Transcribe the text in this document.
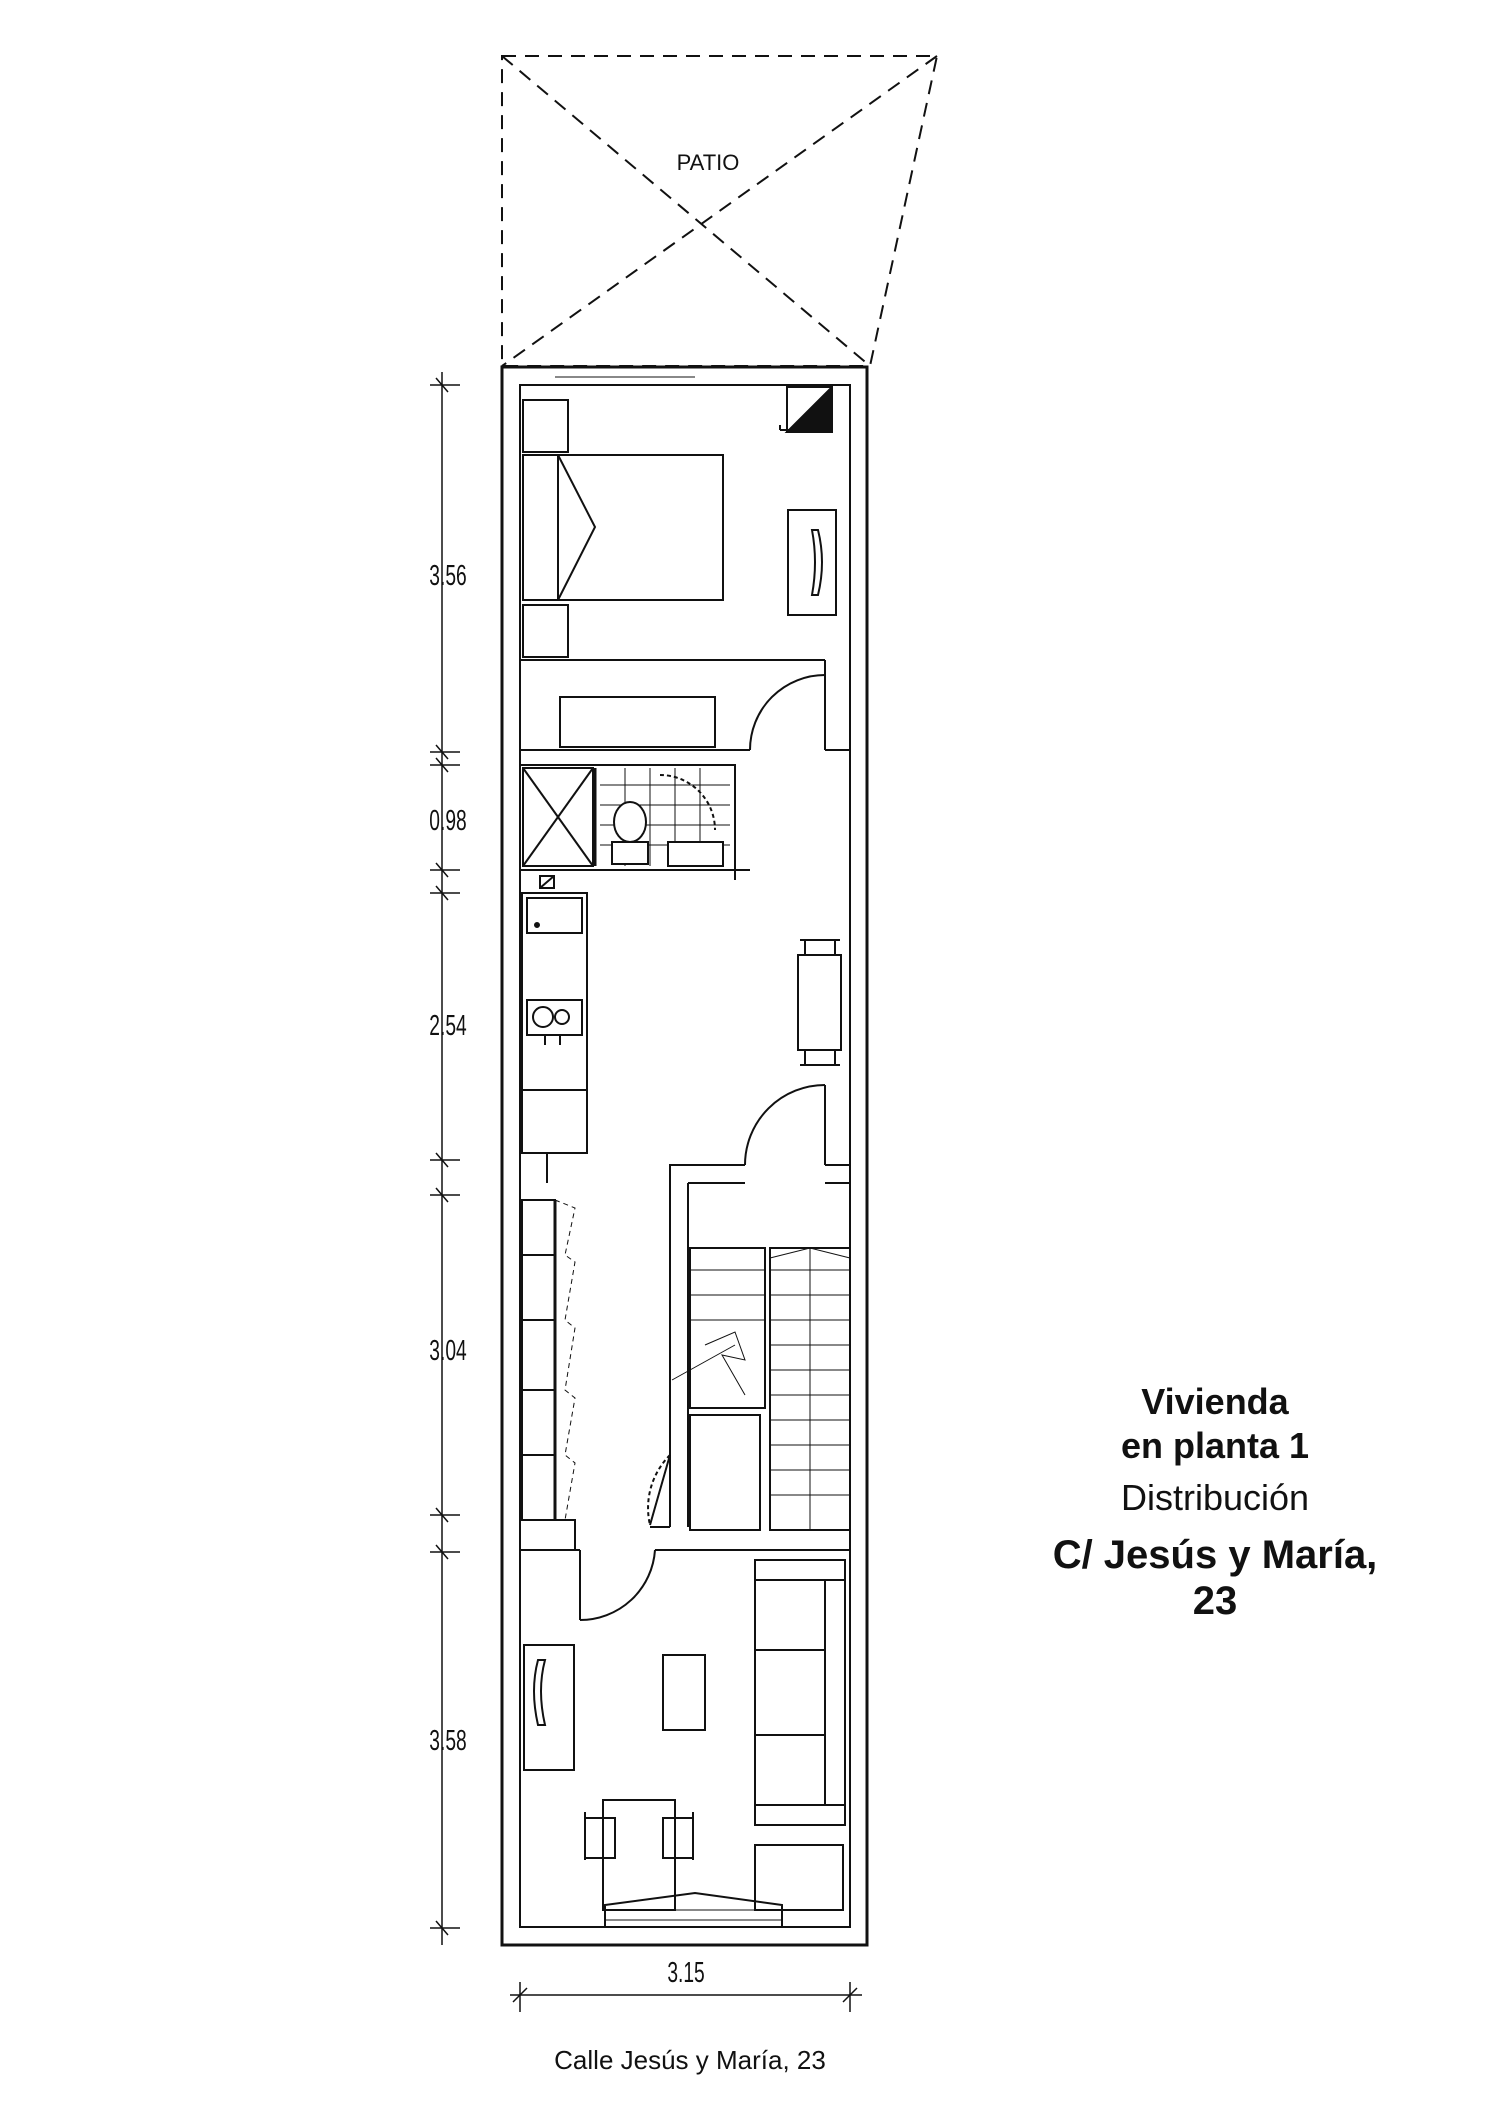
PATIO
3.56
0.98
2.54
3.04
3.58
3.15
Vivienda
en planta 1
Distribución
C/ Jesús y María, 23
Calle Jesús y María, 23
